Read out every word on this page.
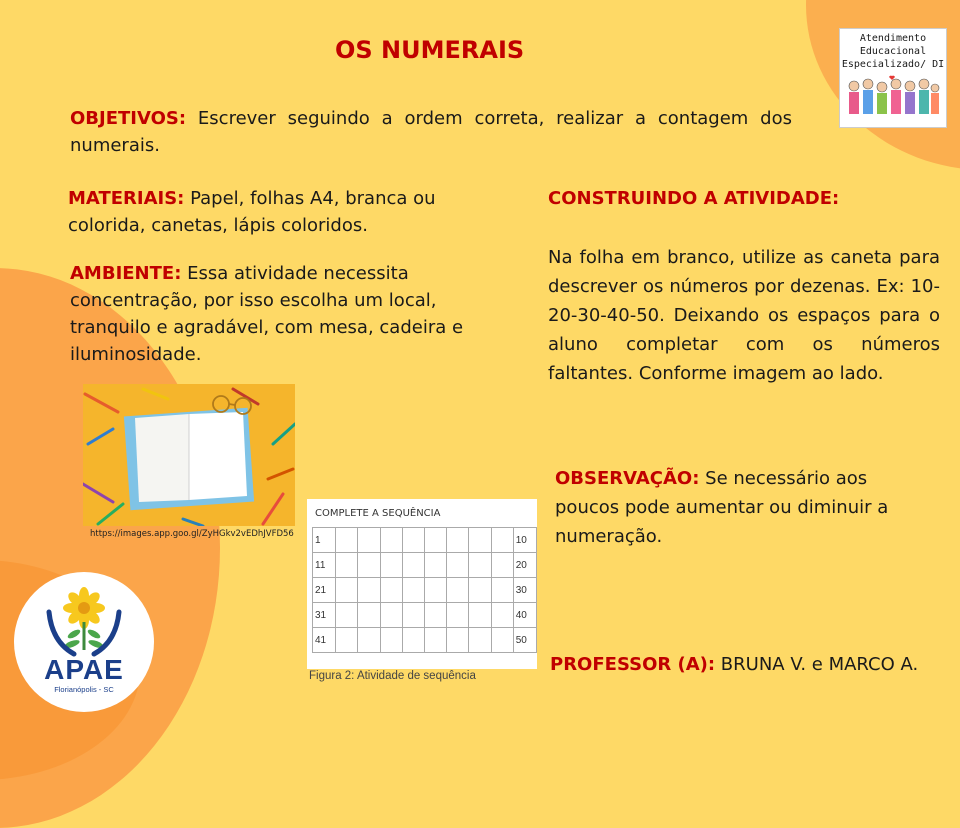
OS NUMERAIS	Atendimento
Educacional
Especializado/ DI
OBJETIVOS: Escrever seguindo a ordem correta, realizar a contagem dos numerais.
MATERIAIS: Papel, folhas A4, branca ou colorida, canetas, lápis coloridos.
AMBIENTE: Essa atividade necessita concentração, por isso escolha um local, tranquilo e agradável, com mesa, cadeira e iluminosidade.
CONSTRUINDO A ATIVIDADE:
Na folha em branco, utilize as caneta para descrever os números por dezenas. Ex: 10-20-30-40-50. Deixando os espaços para o aluno completar com os números faltantes. Conforme imagem ao lado.
OBSERVAÇÃO: Se necessário aos poucos pode aumentar ou diminuir a numeração.
PROFESSOR (A): BRUNA V. e MARCO A.
https://images.app.goo.gl/ZyHGkv2vEDhJVFD56
COMPLETE A SEQUÊNCIA
1									10
11									20
21									30
31									40
41									50
Figura 2: Atividade de sequência
APAE
Florianópolis - SC
